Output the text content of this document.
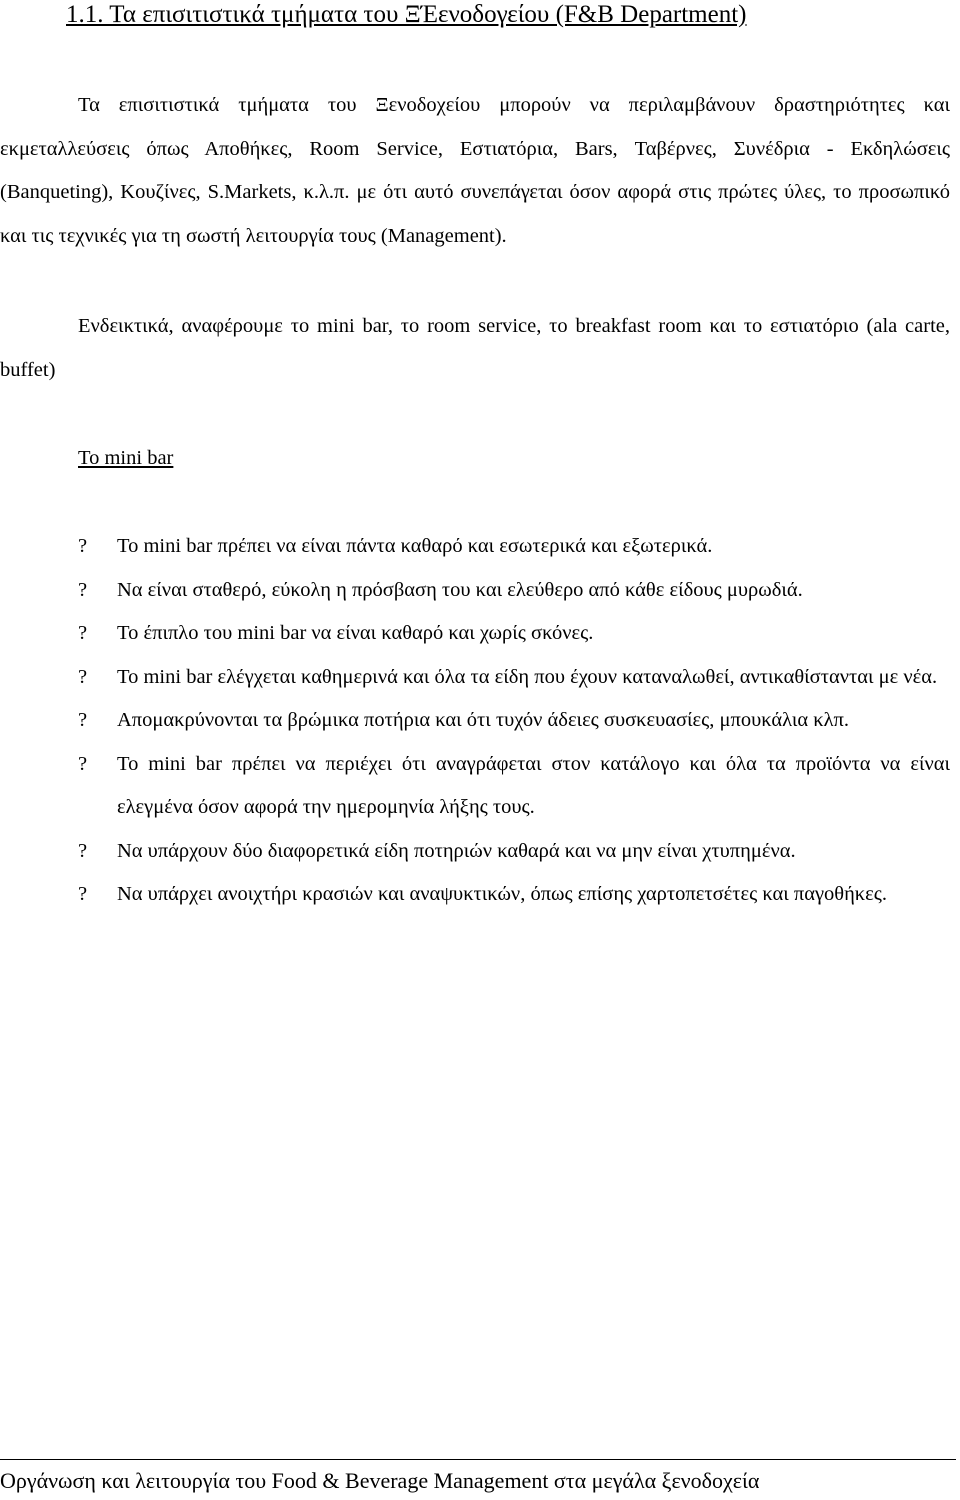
1.1. Τα επισιτιστικά τμήματα του ΞΈενοδογείου (F&B Department)

Τα επισιτιστικά τμήματα του Ξενοδοχείου μπορούν να περιλαμβάνουν δραστηριότητες και εκμεταλλεύσεις όπως Αποθήκες, Room Service, Εστιατόρια, Bars, Ταβέρνες, Συνέδρια - Εκδηλώσεις (Banqueting), Κουζίνες, S.Markets, κ.λ.π. με ότι αυτό συνεπάγεται όσον αφορά στις πρώτες ύλες, το προσωπικό και τις τεχνικές για τη σωστή λειτουργία τους (Management).

Ενδεικτικά, αναφέρουμε το mini bar, το room service, το breakfast room και το εστιατόριο (ala carte, buffet)

Το mini bar

? Το mini bar πρέπει να είναι πάντα καθαρό και εσωτερικά και εξωτερικά.
? Να είναι σταθερό, εύκολη η πρόσβαση του και ελεύθερο από κάθε είδους μυρωδιά.
? Το έπιπλο του mini bar να είναι καθαρό και χωρίς σκόνες.
? Το mini bar ελέγχεται καθημερινά και όλα τα είδη που έχουν καταναλωθεί, αντικαθίστανται με νέα.
? Απομακρύνονται τα βρώμικα ποτήρια και ότι τυχόν άδειες συσκευασίες, μπουκάλια κλπ.
? Το mini bar πρέπει να περιέχει ότι αναγράφεται στον κατάλογο και όλα τα προϊόντα να είναι ελεγμένα όσον αφορά την ημερομηνία λήξης τους.
? Να υπάρχουν δύο διαφορετικά είδη ποτηριών καθαρά και να μην είναι χτυπημένα.
? Να υπάρχει ανοιχτήρι κρασιών και αναψυκτικών, όπως επίσης χαρτοπετσέτες και παγοθήκες.
Οργάνωση και λειτουργία του Food & Beverage Management στα μεγάλα ξενοδοχεία
